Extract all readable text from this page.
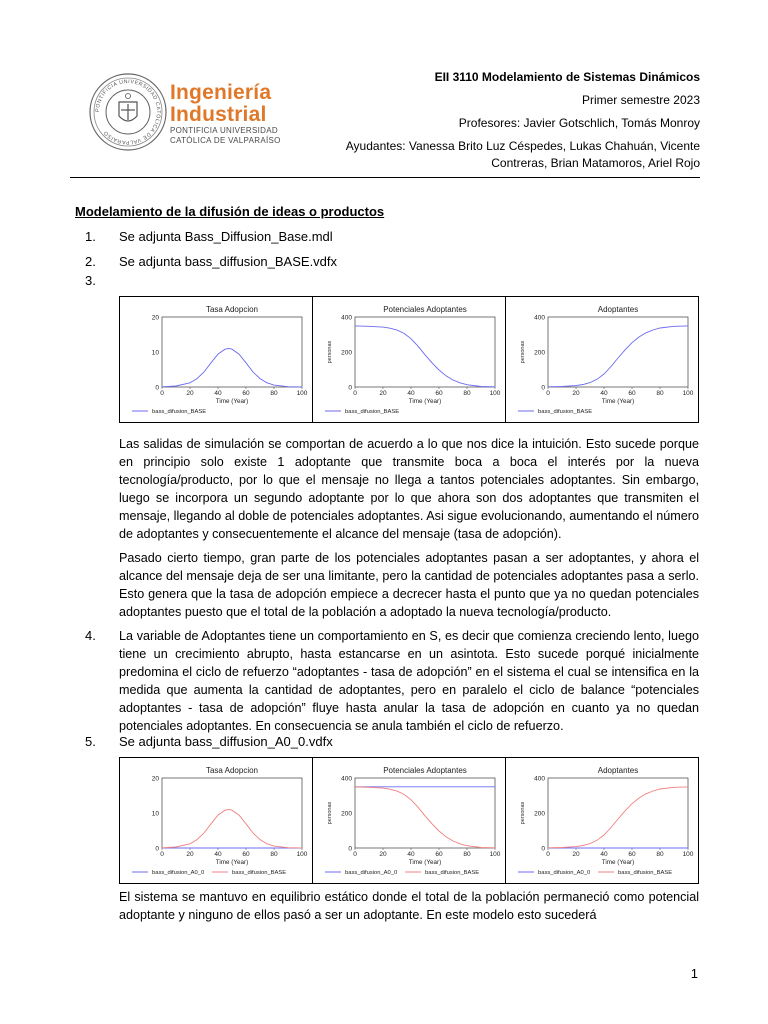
PONTIFICIA UNIVERSIDAD CATÓLICA DE VALPARAÍSO
Ingeniería
Industrial
PONTIFICIA UNIVERSIDAD
CATÓLICA DE VALPARAÍSO
EII 3110 Modelamiento de Sistemas Dinámicos
Primer semestre 2023
Profesores: Javier Gotschlich, Tomás Monroy
Ayudantes: Vanessa Brito Luz Céspedes, Lukas Chahuán, Vicente
Contreras, Brian Matamoros, Ariel Rojo
Modelamiento de la difusión de ideas o productos
1. Se adjunta Bass_Diffusion_Base.mdl
2. Se adjunta bass_diffusion_BASE.vdfx
3.
Tasa Adopcion
20
10
0
0	20	40	60	80	100
Time (Year)
bass_difusion_BASE
Potenciales Adoptantes
400
200
0
0	20	40	60	80	100
Time (Year)
personas
bass_difusion_BASE
Adoptantes
400
200
0
0	20	40	60	80	100
Time (Year)
personas
bass_difusion_BASE
Las salidas de simulación se comportan de acuerdo a lo que nos dice la intuición. Esto sucede porque en principio solo existe 1 adoptante que transmite boca a boca el interés por la nueva tecnología/producto, por lo que el mensaje no llega a tantos potenciales adoptantes. Sin embargo, luego se incorpora un segundo adoptante por lo que ahora son dos adoptantes que transmiten el mensaje, llegando al doble de potenciales adoptantes. Asi sigue evolucionando, aumentando el número de adoptantes y consecuentemente el alcance del mensaje (tasa de adopción).
Pasado cierto tiempo, gran parte de los potenciales adoptantes pasan a ser adoptantes, y ahora el alcance del mensaje deja de ser una limitante, pero la cantidad de potenciales adoptantes pasa a serlo. Esto genera que la tasa de adopción empiece a decrecer hasta el punto que ya no quedan potenciales adoptantes puesto que el total de la población a adoptado la nueva tecnología/producto.
4. La variable de Adoptantes tiene un comportamiento en S, es decir que comienza creciendo lento, luego tiene un crecimiento abrupto, hasta estancarse en un asintota. Esto sucede porqué inicialmente predomina el ciclo de refuerzo “adoptantes - tasa de adopción” en el sistema el cual se intensifica en la medida que aumenta la cantidad de adoptantes, pero en paralelo el ciclo de balance “potenciales adoptantes - tasa de adopción” fluye hasta anular la tasa de adopción en cuanto ya no quedan potenciales adoptantes. En consecuencia se anula también el ciclo de refuerzo.
5. Se adjunta bass_diffusion_A0_0.vdfx
Tasa Adopcion
20
10
0
0	20	40	60	80	100
Time (Year)
bass_difusion_A0_0	bass_difusion_BASE
Potenciales Adoptantes
400
200
0
0	20	40	60	80	100
Time (Year)
personas
bass_difusion_A0_0	bass_difusion_BASE
Adoptantes
400
200
0
0	20	40	60	80	100
Time (Year)
personas
bass_difusion_A0_0	bass_difusion_BASE
El sistema se mantuvo en equilibrio estático donde el total de la población permaneció como potencial adoptante y ninguno de ellos pasó a ser un adoptante. En este modelo esto sucederá
1
